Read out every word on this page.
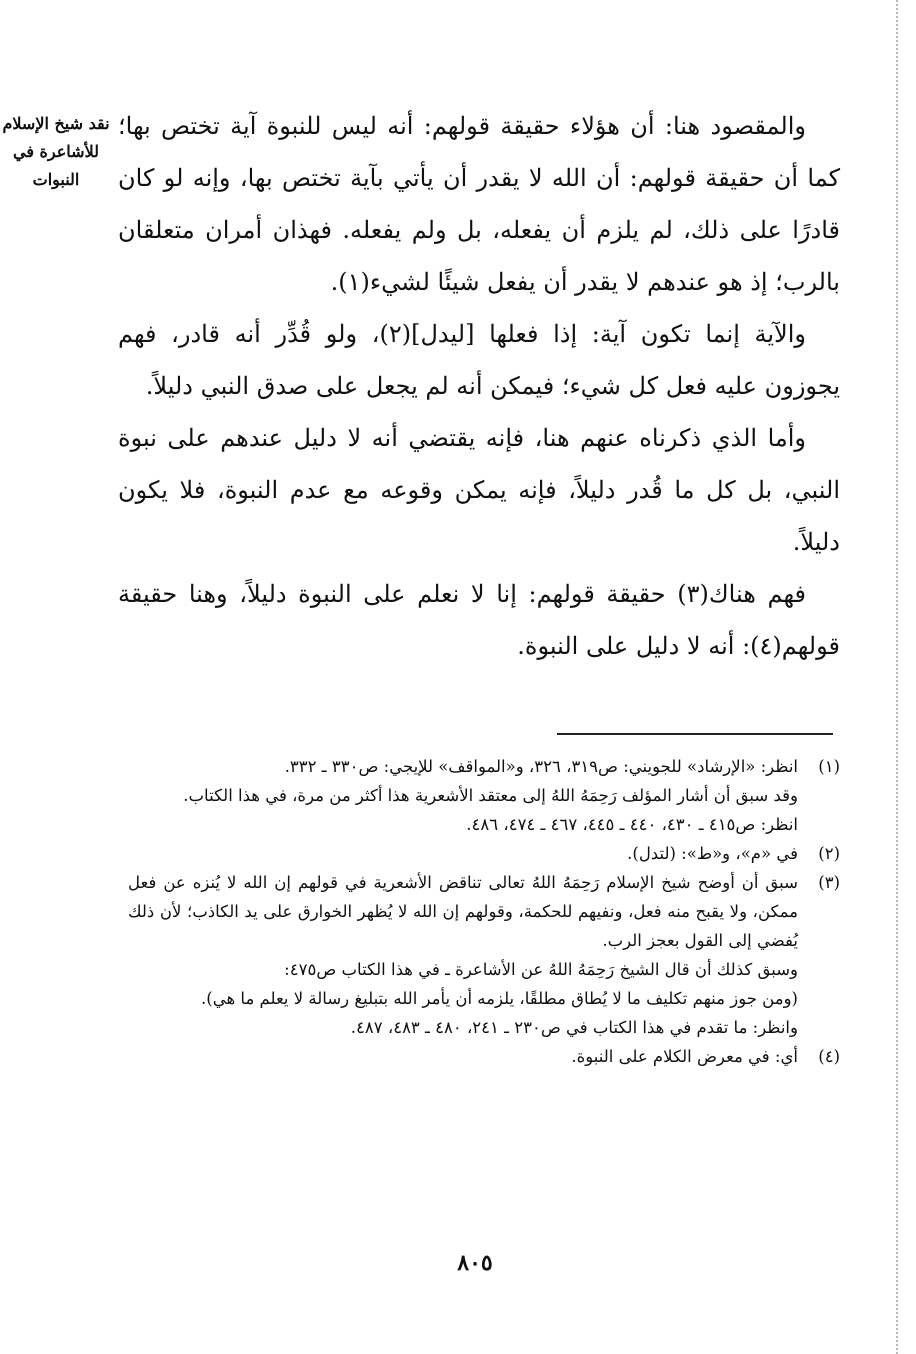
نقد شيخ الإسلام للأشاعرة في النبوات

والمقصود هنا: أن هؤلاء حقيقة قولهم: أنه ليس للنبوة آية تختص بها؛ كما أن حقيقة قولهم: أن الله لا يقدر أن يأتي بآية تختص بها، وإنه لو كان قادرًا على ذلك، لم يلزم أن يفعله، بل ولم يفعله. فهذان أمران متعلقان بالرب؛ إذ هو عندهم لا يقدر أن يفعل شيئًا لشيء(١).

والآية إنما تكون آية: إذا فعلها [ليدل](٢)، ولو قُدِّر أنه قادر، فهم يجوزون عليه فعل كل شيء؛ فيمكن أنه لم يجعل على صدق النبي دليلاً.

وأما الذي ذكرناه عنهم هنا، فإنه يقتضي أنه لا دليل عندهم على نبوة النبي، بل كل ما قُدر دليلاً، فإنه يمكن وقوعه مع عدم النبوة، فلا يكون دليلاً.

فهم هناك(٣) حقيقة قولهم: إنا لا نعلم على النبوة دليلاً، وهنا حقيقة قولهم(٤): أنه لا دليل على النبوة.

(١)
انظر: «الإرشاد» للجويني: ص٣١٩، ٣٢٦، و«المواقف» للإيجي: ص٣٣٠ ـ ٣٣٢.
وقد سبق أن أشار المؤلف رَحِمَهُ اللهُ إلى معتقد الأشعرية هذا أكثر من مرة، في هذا الكتاب.
انظر: ص٤١٥ ـ ٤٣٠، ٤٤٠ ـ ٤٤٥، ٤٦٧ ـ ٤٧٤، ٤٨٦.
(٢)
في «م»، و«ط»: (لتدل).
(٣)
سبق أن أوضح شيخ الإسلام رَحِمَهُ اللهُ تعالى تناقض الأشعرية في قولهم إن الله لا يُنزه عن فعل ممكن، ولا يقبح منه فعل، ونفيهم للحكمة، وقولهم إن الله لا يُظهر الخوارق على يد الكاذب؛ لأن ذلك يُفضي إلى القول بعجز الرب.
وسبق كذلك أن قال الشيخ رَحِمَهُ اللهُ عن الأشاعرة ـ في هذا الكتاب ص٤٧٥:
(ومن جوز منهم تكليف ما لا يُطاق مطلقًا، يلزمه أن يأمر الله بتبليغ رسالة لا يعلم ما هي).
وانظر: ما تقدم في هذا الكتاب في ص٢٣٠ ـ ٢٤١، ٤٨٠ ـ ٤٨٣، ٤٨٧.
(٤)
أي: في معرض الكلام على النبوة.
٨٠٥
